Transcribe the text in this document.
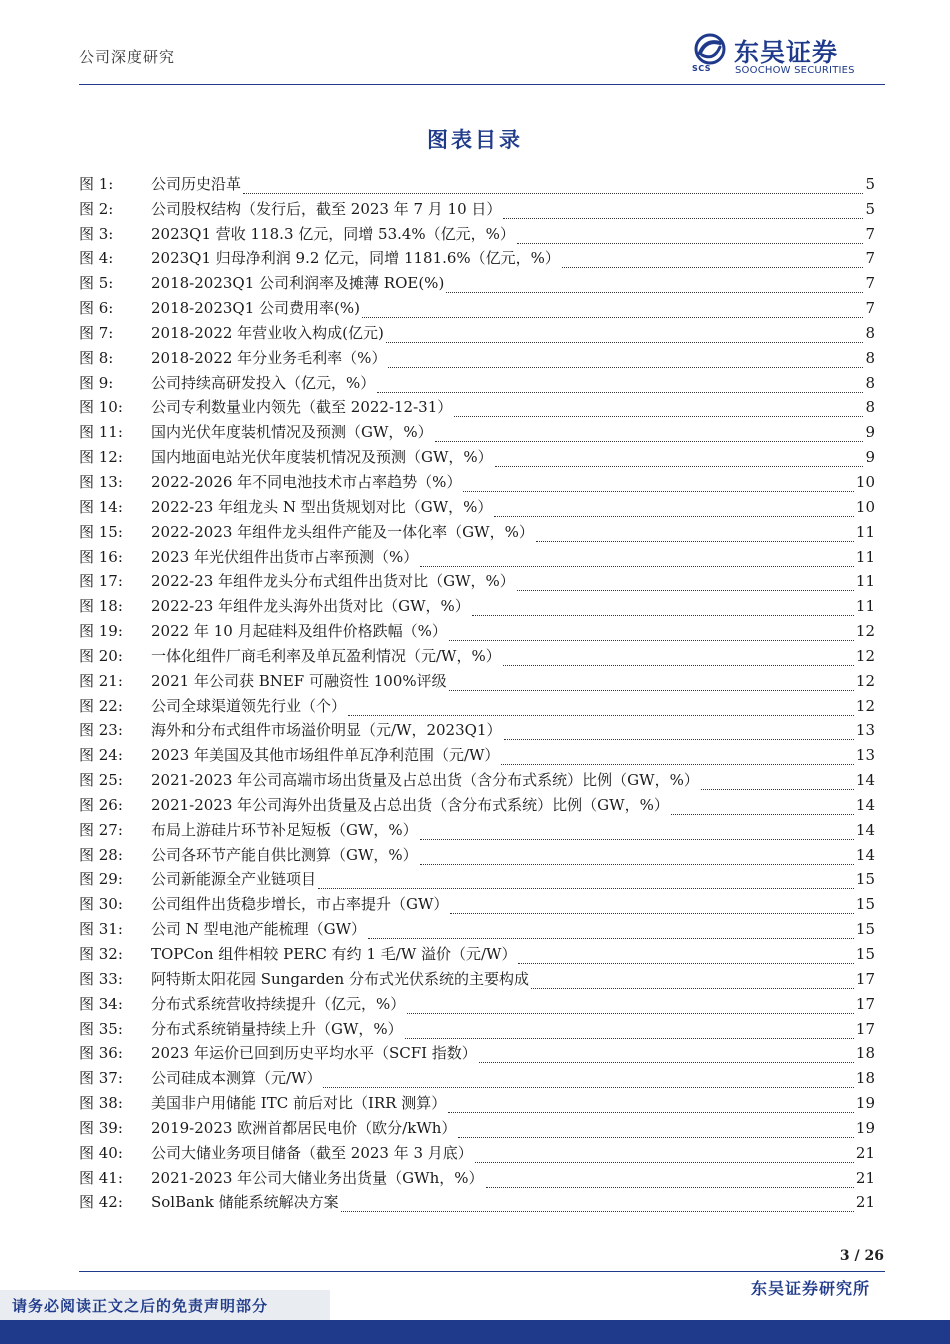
公司深度研究
SCS
东吴证券
SOOCHOW SECURITIES
图表目录
图 1:	公司历史沿革	5
图 2:	公司股权结构（发行后，截至 2023 年 7 月 10 日）	5
图 3:	2023Q1 营收 118.3 亿元，同增 53.4%（亿元，%）	7
图 4:	2023Q1 归母净利润 9.2 亿元，同增 1181.6%（亿元，%）	7
图 5:	2018-2023Q1 公司利润率及摊薄 ROE(%)	7
图 6:	2018-2023Q1 公司费用率(%)	7
图 7:	2018-2022 年营业收入构成(亿元)	8
图 8:	2018-2022 年分业务毛利率（%）	8
图 9:	公司持续高研发投入（亿元，%）	8
图 10:	公司专利数量业内领先（截至 2022-12-31）	8
图 11:	国内光伏年度装机情况及预测（GW，%）	9
图 12:	国内地面电站光伏年度装机情况及预测（GW，%）	9
图 13:	2022-2026 年不同电池技术市占率趋势（%）	10
图 14:	2022-23 年组龙头 N 型出货规划对比（GW，%）	10
图 15:	2022-2023 年组件龙头组件产能及一体化率（GW，%）	11
图 16:	2023 年光伏组件出货市占率预测（%）	11
图 17:	2022-23 年组件龙头分布式组件出货对比（GW，%）	11
图 18:	2022-23 年组件龙头海外出货对比（GW，%）	11
图 19:	2022 年 10 月起硅料及组件价格跌幅（%）	12
图 20:	一体化组件厂商毛利率及单瓦盈利情况（元/W，%）	12
图 21:	2021 年公司获 BNEF 可融资性 100%评级	12
图 22:	公司全球渠道领先行业（个）	12
图 23:	海外和分布式组件市场溢价明显（元/W，2023Q1）	13
图 24:	2023 年美国及其他市场组件单瓦净利范围（元/W）	13
图 25:	2021-2023 年公司高端市场出货量及占总出货（含分布式系统）比例（GW，%）	14
图 26:	2021-2023 年公司海外出货量及占总出货（含分布式系统）比例（GW，%）	14
图 27:	布局上游硅片环节补足短板（GW，%）	14
图 28:	公司各环节产能自供比测算（GW，%）	14
图 29:	公司新能源全产业链项目	15
图 30:	公司组件出货稳步增长，市占率提升（GW）	15
图 31:	公司 N 型电池产能梳理（GW）	15
图 32:	TOPCon 组件相较 PERC 有约 1 毛/W 溢价（元/W）	15
图 33:	阿特斯太阳花园 Sungarden 分布式光伏系统的主要构成	17
图 34:	分布式系统营收持续提升（亿元，%）	17
图 35:	分布式系统销量持续上升（GW，%）	17
图 36:	2023 年运价已回到历史平均水平（SCFI 指数）	18
图 37:	公司硅成本测算（元/W）	18
图 38:	美国非户用储能 ITC 前后对比（IRR 测算）	19
图 39:	2019-2023 欧洲首都居民电价（欧分/kWh）	19
图 40:	公司大储业务项目储备（截至 2023 年 3 月底）	21
图 41:	2021-2023 年公司大储业务出货量（GWh，%）	21
图 42:	SolBank 储能系统解决方案	21
3 / 26
东吴证券研究所
请务必阅读正文之后的免责声明部分
